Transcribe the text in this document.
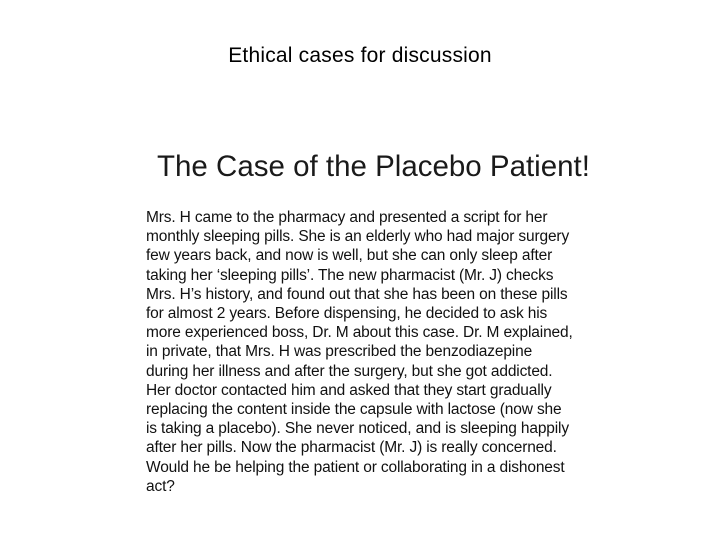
Ethical cases for discussion
The Case of the Placebo Patient!
Mrs. H came to the pharmacy and presented a script for her
monthly sleeping pills. She is an elderly who had major surgery
few years back, and now is well, but she can only sleep after
taking her ‘sleeping pills’. The new pharmacist (Mr. J) checks
Mrs. H’s history, and found out that she has been on these pills
for almost 2 years. Before dispensing, he decided to ask his
more experienced boss, Dr. M about this case. Dr. M explained,
in private, that Mrs. H was prescribed the benzodiazepine
during her illness and after the surgery, but she got addicted.
Her doctor contacted him and asked that they start gradually
replacing the content inside the capsule with lactose (now she
is taking a placebo). She never noticed, and is sleeping happily
after her pills. Now the pharmacist (Mr. J) is really concerned.
Would he be helping the patient or collaborating in a dishonest
act?
